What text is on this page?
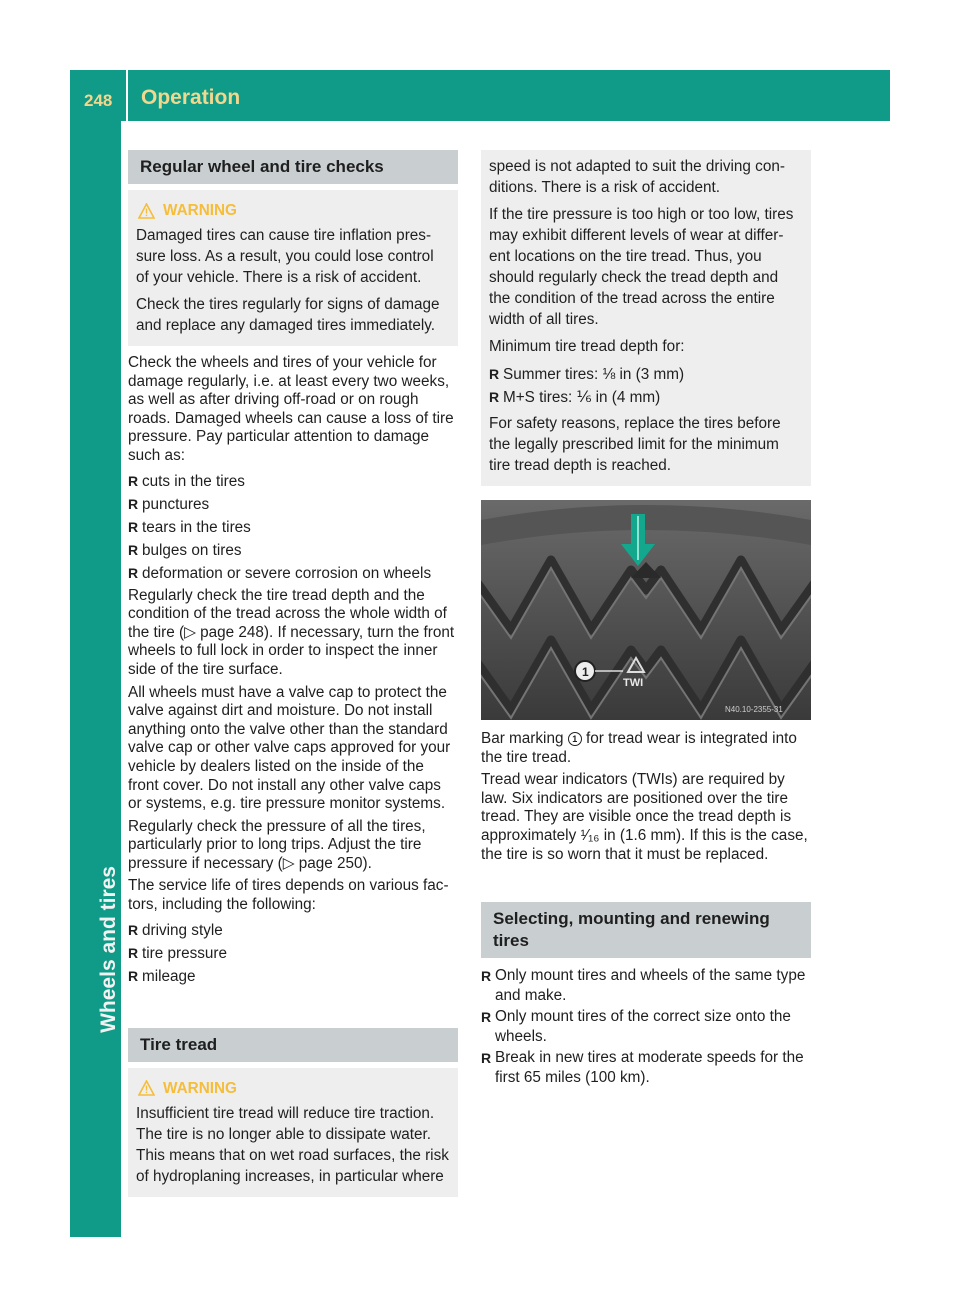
248 Operation
Wheels and tires
Regular wheel and tire checks
WARNING

Damaged tires can cause tire inflation pres- sure loss. As a result, you could lose control of your vehicle. There is a risk of accident.

Check the tires regularly for signs of damage and replace any damaged tires immediately.

Check the wheels and tires of your vehicle for damage regularly, i.e. at least every two weeks, as well as after driving off-road or on rough roads. Damaged wheels can cause a loss of tire pressure. Pay particular attention to damage such as:

R cuts in the tires
R punctures
R tears in the tires
R bulges on tires
R deformation or severe corrosion on wheels

Regularly check the tire tread depth and the condition of the tread across the whole width of the tire (▷ page 248). If necessary, turn the front wheels to full lock in order to inspect the inner side of the tire surface.

All wheels must have a valve cap to protect the valve against dirt and moisture. Do not install anything onto the valve other than the standard valve cap or other valve caps approved for your vehicle by dealers listed on the inside of the front cover. Do not install any other valve caps or systems, e.g. tire pressure monitor systems.

Regularly check the pressure of all the tires, particularly prior to long trips. Adjust the tire pressure if necessary (▷ page 250).

The service life of tires depends on various fac- tors, including the following:

R driving style
R tire pressure
R mileage
Tire tread
WARNING

Insufficient tire tread will reduce tire traction. The tire is no longer able to dissipate water. This means that on wet road surfaces, the risk of hydroplaning increases, in particular where

speed is not adapted to suit the driving con- ditions. There is a risk of accident.

If the tire pressure is too high or too low, tires may exhibit different levels of wear at differ- ent locations on the tire tread. Thus, you should regularly check the tread depth and the condition of the tread across the entire width of all tires.

Minimum tire tread depth for:

R Summer tires: ⅛ in (3 mm)
R M+S tires: ⅙ in (4 mm)

For safety reasons, replace the tires before the legally prescribed limit for the minimum tire tread depth is reached.

TWI
1
N40.10-2355-31

Bar marking 1 for tread wear is integrated into the tire tread.

Tread wear indicators (TWIs) are required by law. Six indicators are positioned over the tire tread. They are visible once the tread depth is approximately ¹⁄₁₆ in (1.6 mm). If this is the case, the tire is so worn that it must be replaced.

Selecting, mounting and renewing tires
R Only mount tires and wheels of the same type and make.
R Only mount tires of the correct size onto the wheels.
R Break in new tires at moderate speeds for the first 65 miles (100 km).
